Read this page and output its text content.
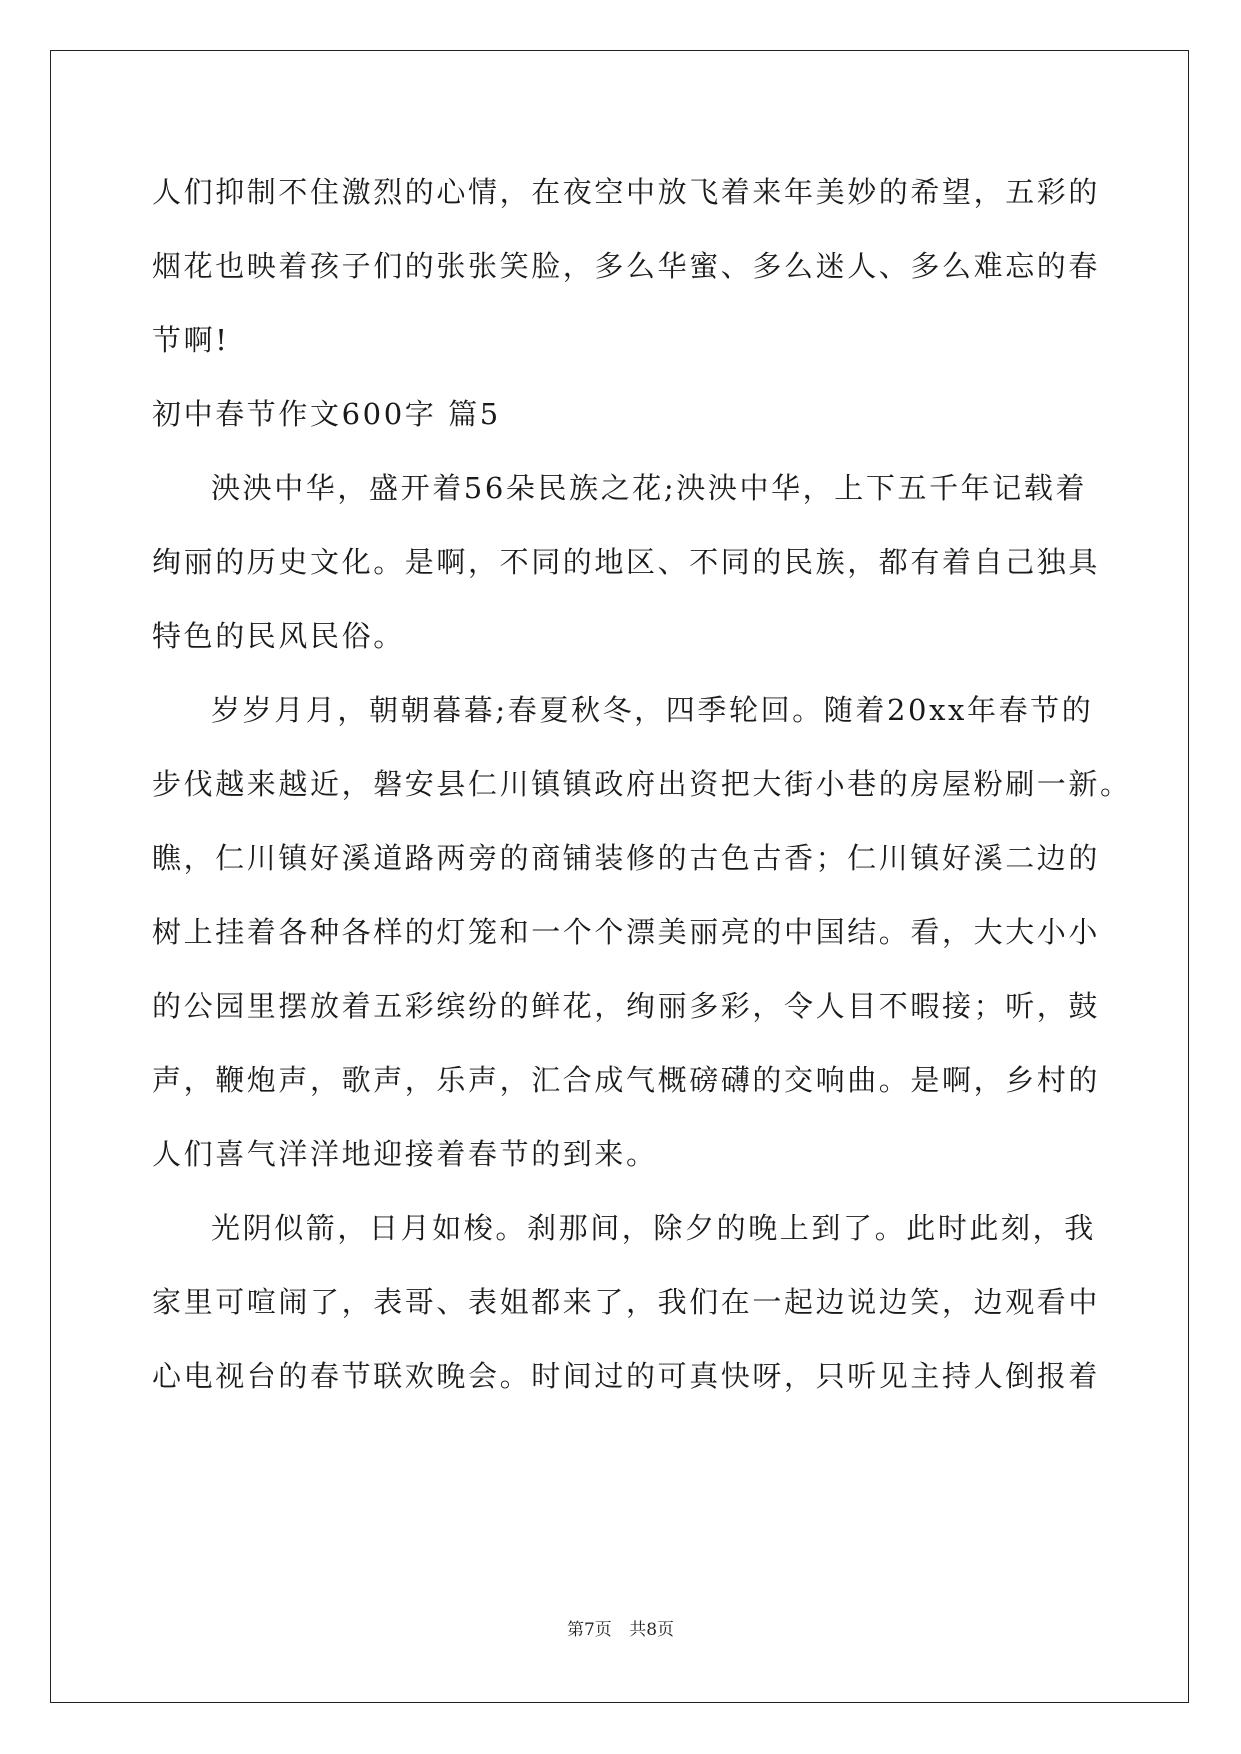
人们抑制不住激烈的心情，在夜空中放飞着来年美妙的希望，五彩的
烟花也映着孩子们的张张笑脸，多么华蜜、多么迷人、多么难忘的春
节啊!
初中春节作文600字 篇5
泱泱中华，盛开着56朵民族之花;泱泱中华，上下五千年记载着
绚丽的历史文化。是啊，不同的地区、不同的民族，都有着自己独具
特色的民风民俗。
岁岁月月，朝朝暮暮;春夏秋冬，四季轮回。随着20xx年春节的
步伐越来越近，磐安县仁川镇镇政府出资把大街小巷的房屋粉刷一新。
瞧，仁川镇好溪道路两旁的商铺装修的古色古香；仁川镇好溪二边的
树上挂着各种各样的灯笼和一个个漂美丽亮的中国结。看，大大小小
的公园里摆放着五彩缤纷的鲜花，绚丽多彩，令人目不暇接；听，鼓
声，鞭炮声，歌声，乐声，汇合成气概磅礴的交响曲。是啊，乡村的
人们喜气洋洋地迎接着春节的到来。
光阴似箭，日月如梭。刹那间，除夕的晚上到了。此时此刻，我
家里可喧闹了，表哥、表姐都来了，我们在一起边说边笑，边观看中
心电视台的春节联欢晚会。时间过的可真快呀，只听见主持人倒报着
第7页 共8页
